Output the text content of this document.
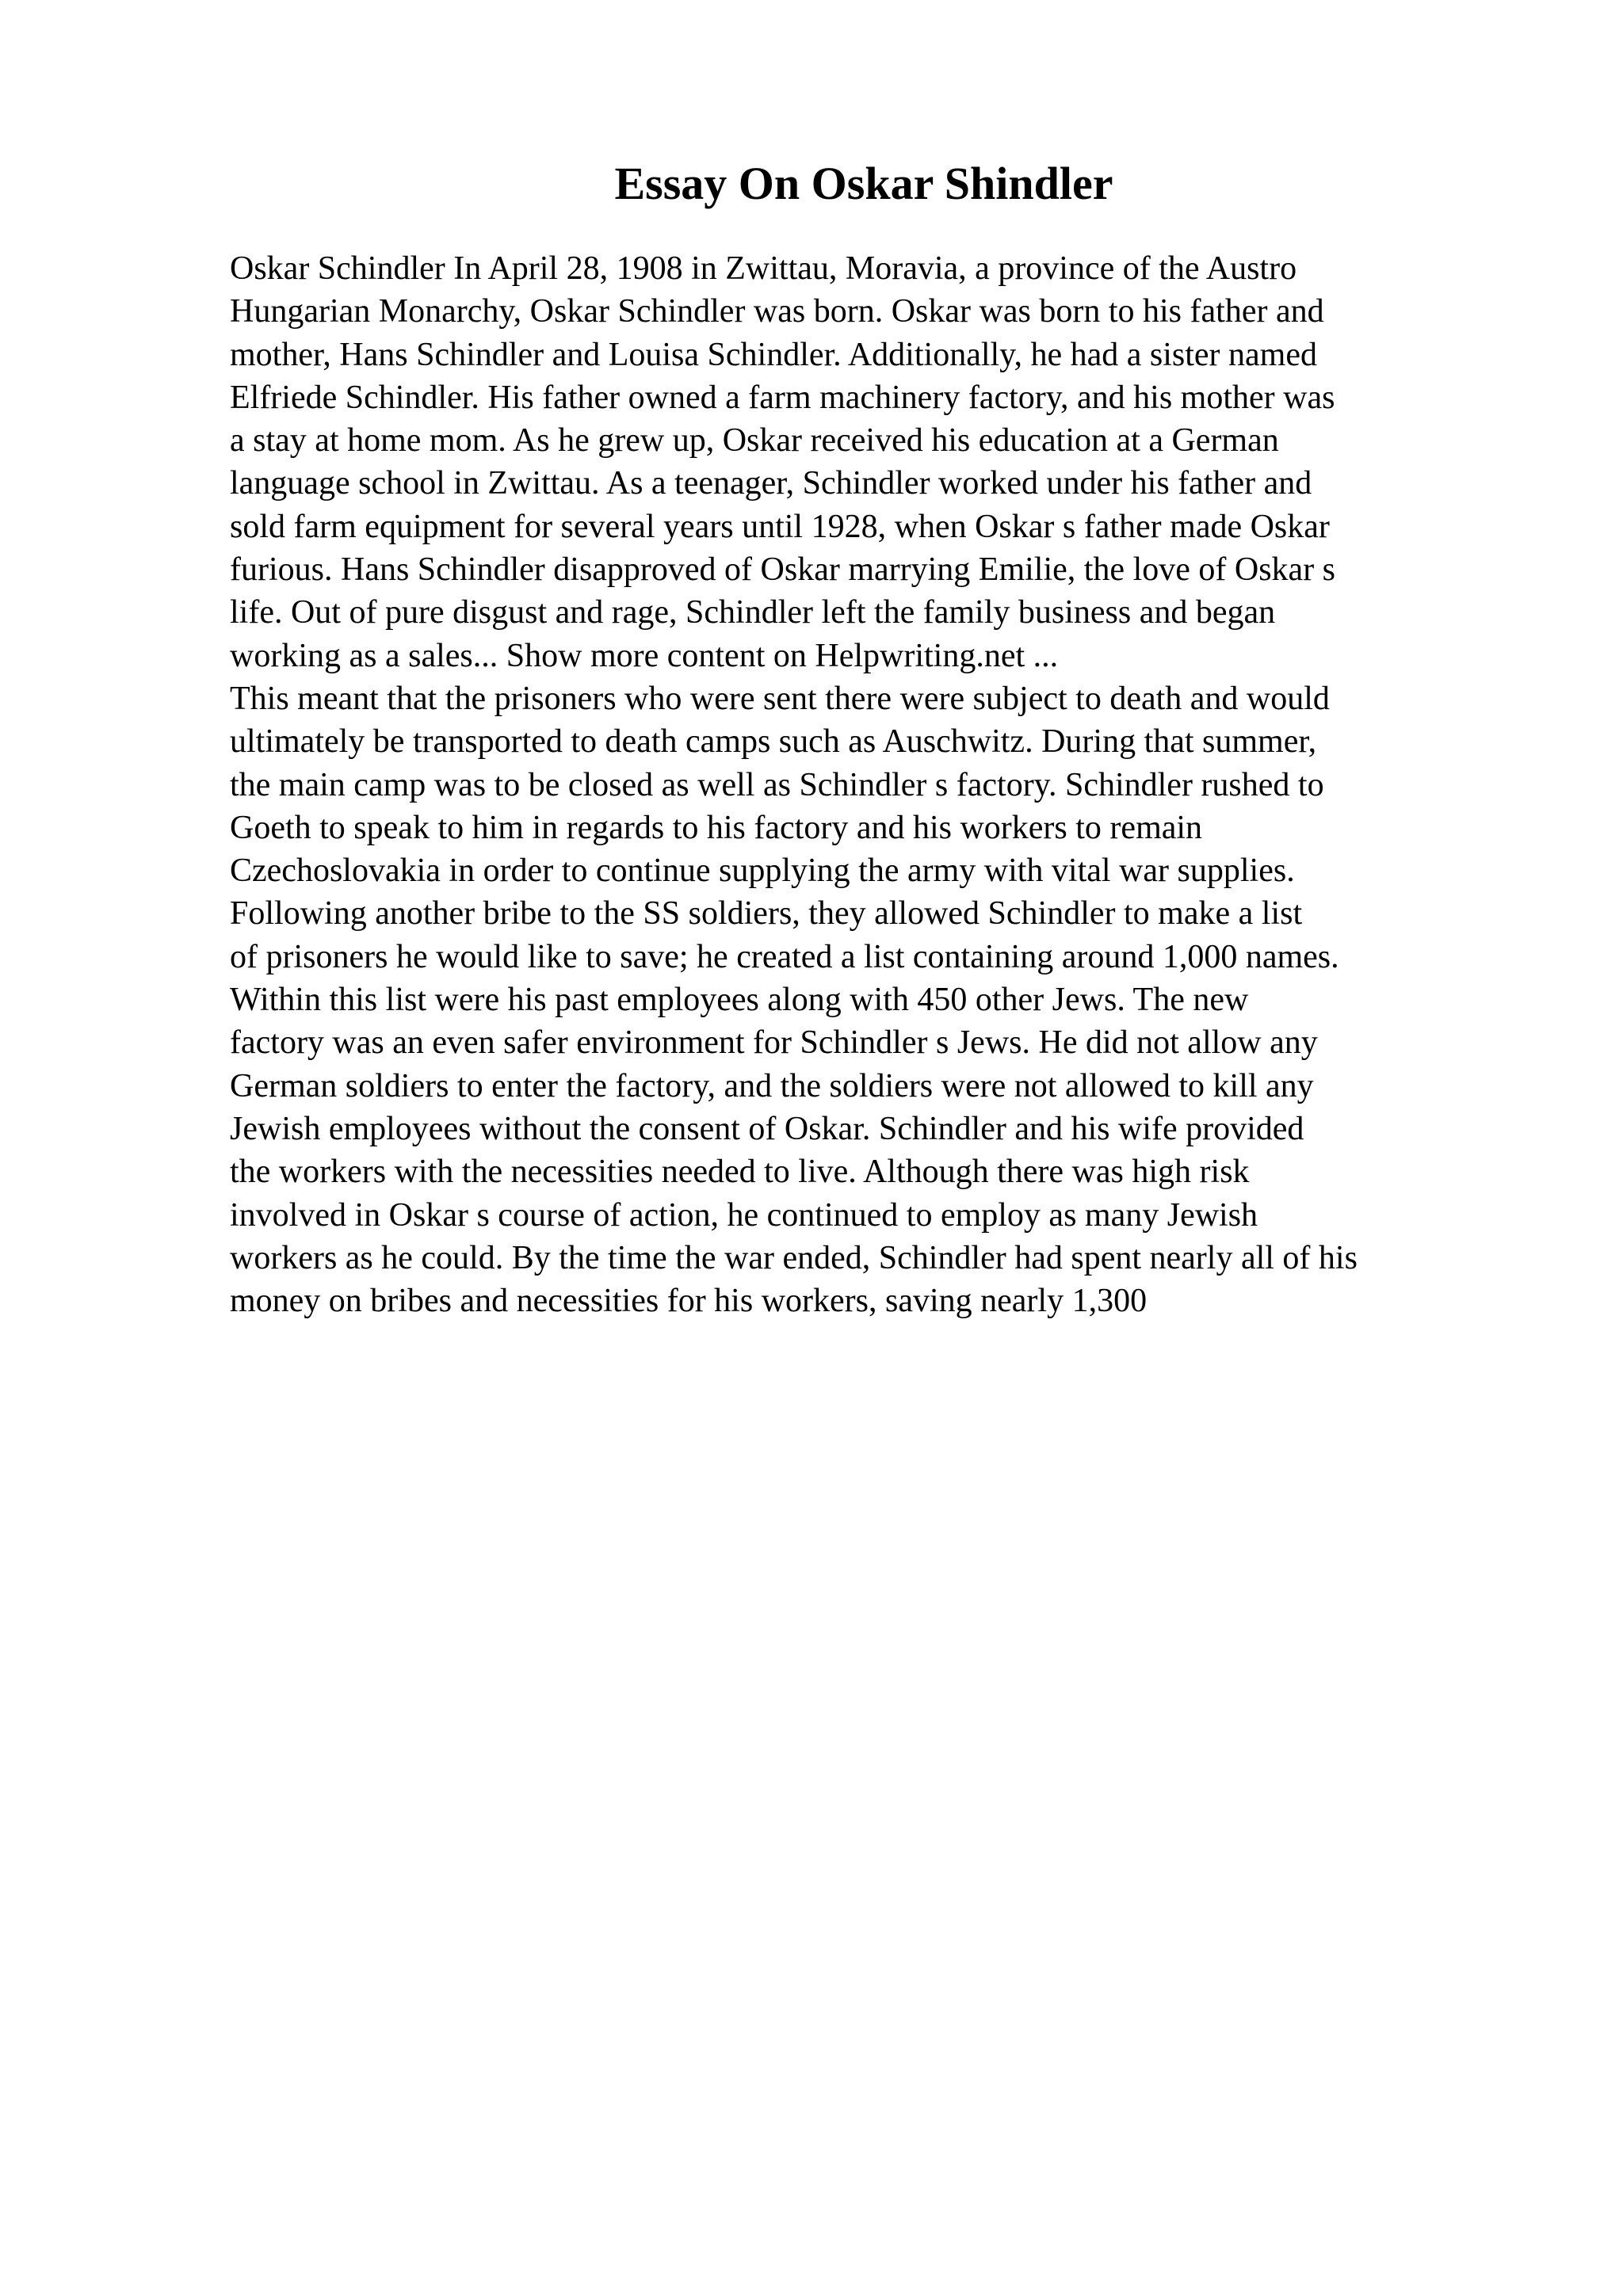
Essay On Oskar Shindler
Oskar Schindler In April 28, 1908 in Zwittau, Moravia, a province of the Austro
Hungarian Monarchy, Oskar Schindler was born. Oskar was born to his father and
mother, Hans Schindler and Louisa Schindler. Additionally, he had a sister named
Elfriede Schindler. His father owned a farm machinery factory, and his mother was
a stay at home mom. As he grew up, Oskar received his education at a German
language school in Zwittau. As a teenager, Schindler worked under his father and
sold farm equipment for several years until 1928, when Oskar s father made Oskar
furious. Hans Schindler disapproved of Oskar marrying Emilie, the love of Oskar s
life. Out of pure disgust and rage, Schindler left the family business and began
working as a sales... Show more content on Helpwriting.net ...
This meant that the prisoners who were sent there were subject to death and would
ultimately be transported to death camps such as Auschwitz. During that summer,
the main camp was to be closed as well as Schindler s factory. Schindler rushed to
Goeth to speak to him in regards to his factory and his workers to remain
Czechoslovakia in order to continue supplying the army with vital war supplies.
Following another bribe to the SS soldiers, they allowed Schindler to make a list
of prisoners he would like to save; he created a list containing around 1,000 names.
Within this list were his past employees along with 450 other Jews. The new
factory was an even safer environment for Schindler s Jews. He did not allow any
German soldiers to enter the factory, and the soldiers were not allowed to kill any
Jewish employees without the consent of Oskar. Schindler and his wife provided
the workers with the necessities needed to live. Although there was high risk
involved in Oskar s course of action, he continued to employ as many Jewish
workers as he could. By the time the war ended, Schindler had spent nearly all of his
money on bribes and necessities for his workers, saving nearly 1,300
